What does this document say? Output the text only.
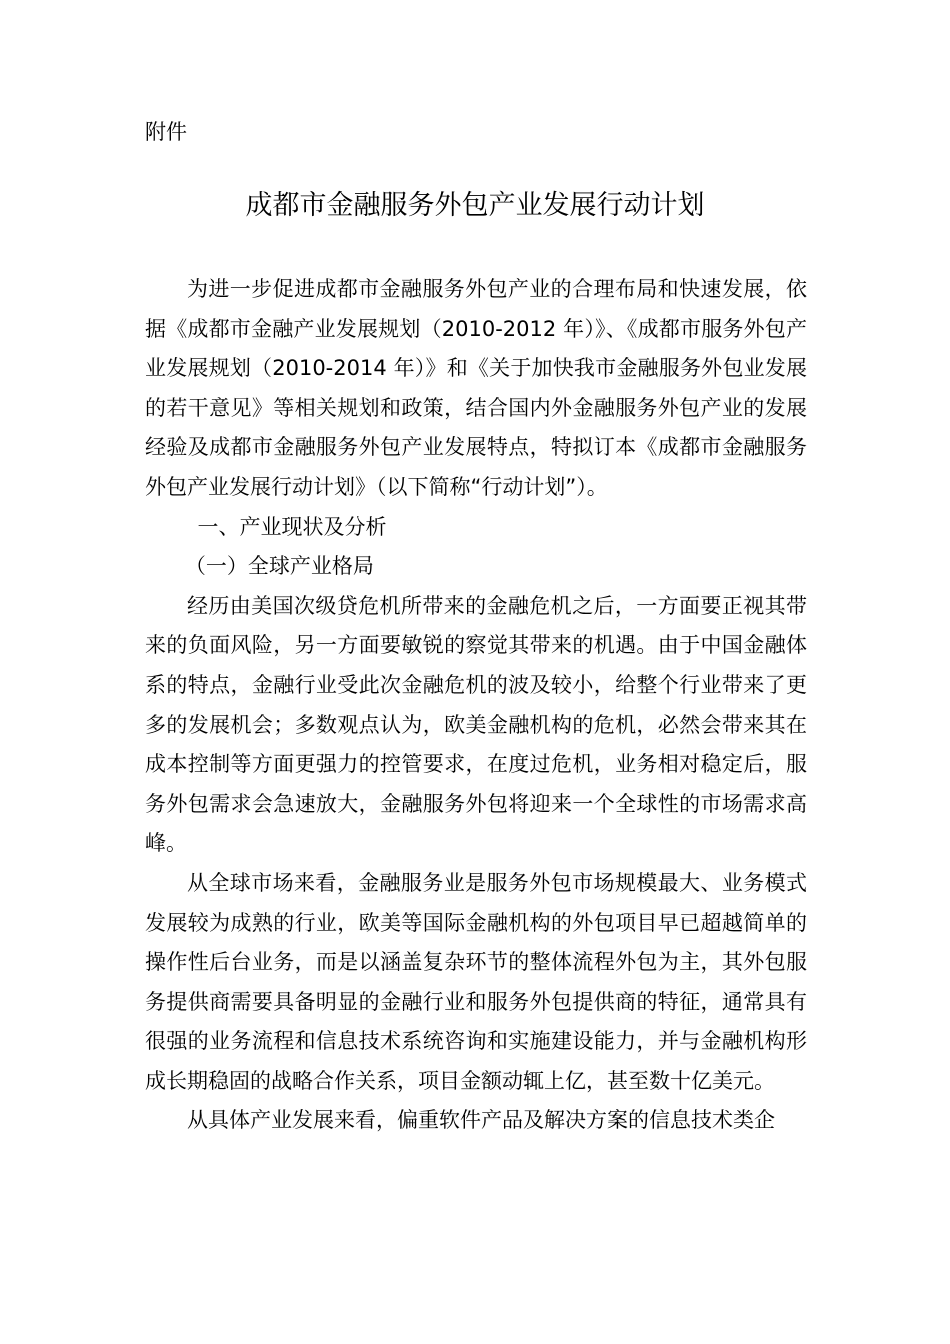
附件
成都市金融服务外包产业发展行动计划

为进一步促进成都市金融服务外包产业的合理布局和快速发展，依据《成都市金融产业发展规划（2010-2012 年）》、《成都市服务外包产业发展规划（2010-2014 年）》和《关于加快我市金融服务外包业发展的若干意见》等相关规划和政策，结合国内外金融服务外包产业的发展经验及成都市金融服务外包产业发展特点，特拟订本《成都市金融服务外包产业发展行动计划》（以下简称“行动计划”）。

一、产业现状及分析
（一）全球产业格局

经历由美国次级贷危机所带来的金融危机之后，一方面要正视其带来的负面风险，另一方面要敏锐的察觉其带来的机遇。由于中国金融体系的特点，金融行业受此次金融危机的波及较小，给整个行业带来了更多的发展机会；多数观点认为，欧美金融机构的危机，必然会带来其在成本控制等方面更强力的控管要求，在度过危机，业务相对稳定后，服务外包需求会急速放大，金融服务外包将迎来一个全球性的市场需求高峰。

从全球市场来看，金融服务业是服务外包市场规模最大、业务模式发展较为成熟的行业，欧美等国际金融机构的外包项目早已超越简单的操作性后台业务，而是以涵盖复杂环节的整体流程外包为主，其外包服务提供商需要具备明显的金融行业和服务外包提供商的特征，通常具有很强的业务流程和信息技术系统咨询和实施建设能力，并与金融机构形成长期稳固的战略合作关系，项目金额动辄上亿，甚至数十亿美元。

从具体产业发展来看，偏重软件产品及解决方案的信息技术类企
